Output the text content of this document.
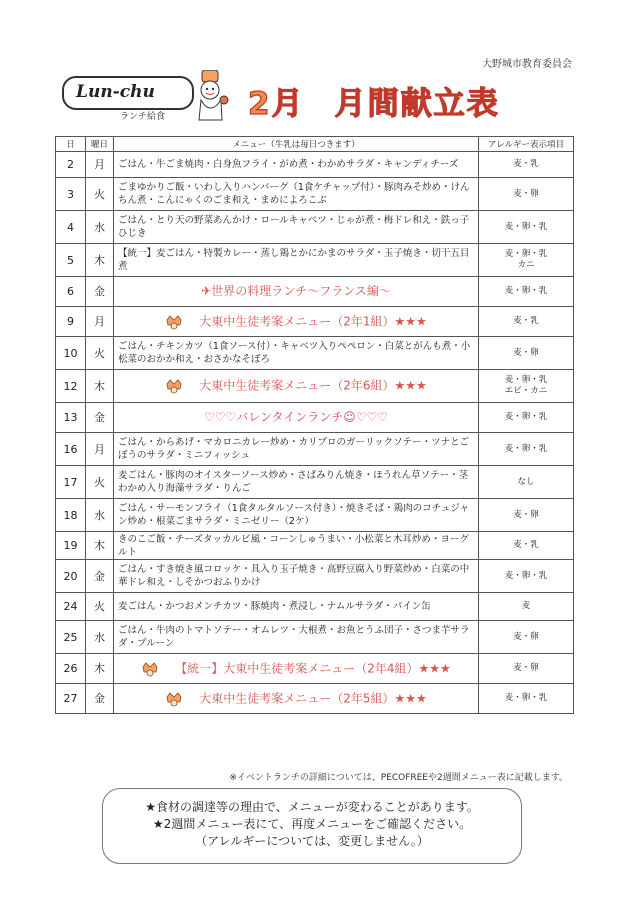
大野城市教育委員会
Lun-chu
ランチ給食	2月 月間献立表
日	曜日	メニュー（牛乳は毎日つきます）	アレルギー表示項目
2	月	ごはん・牛ごま焼肉・白身魚フライ・がめ煮・わかめサラダ・キャンディチーズ	麦・乳
3	火	ごまゆかりご飯・いわし入りハンバーグ（1食ケチャップ付）・豚肉みそ炒め・けんちん煮・こんにゃくのごま和え・まめによろこぶ	麦・卵
4	水	ごはん・とり天の野菜あんかけ・ロールキャベツ・じゃが煮・梅ドレ和え・鉄っ子ひじき	麦・卵・乳
5	木	【統一】麦ごはん・特製カレー・蒸し鶏とかにかまのサラダ・玉子焼き・切干五目煮	麦・卵・乳
カニ
6	金	✈世界の料理ランチ～フランス編～	麦・卵・乳
9	月	大東中生徒考案メニュー（2年1組）★★★	麦・乳
10	火	ごはん・チキンカツ（1食ソース付）・キャベツ入りペペロン・白菜とがんも煮・小松菜のおかか和え・おさかなそぼろ	麦・卵
12	木	大東中生徒考案メニュー（2年6組）★★★	麦・卵・乳
エビ・カニ
13	金	♡♡♡バレンタインランチ☺♡♡♡	麦・卵・乳
16	月	ごはん・からあげ・マカロニカレー炒め・カリブロのガーリックソテー・ツナとごぼうのサラダ・ミニフィッシュ	麦・卵・乳
17	火	麦ごはん・豚肉のオイスターソース炒め・さばみりん焼き・ほうれん草ソテー・茎わかめ入り海藻サラダ・りんご	なし
18	水	ごはん・サーモンフライ（1食タルタルソース付き）・焼きそば・鶏肉のコチュジャン炒め・根菜ごまサラダ・ミニゼリー（2ケ）	麦・卵
19	木	きのこご飯・チーズタッカルビ風・コーンしゅうまい・小松菜と木耳炒め・ヨーグルト	麦・乳
20	金	ごはん・すき焼き風コロッケ・具入り玉子焼き・高野豆腐入り野菜炒め・白菜の中華ドレ和え・しそかつおふりかけ	麦・卵・乳
24	火	麦ごはん・かつおメンチカツ・豚焼肉・煮浸し・ナムルサラダ・パイン缶	麦
25	水	ごはん・牛肉のトマトソテー・オムレツ・大根煮・お魚とうふ団子・さつま芋サラダ・プルーン	麦・卵
26	木	【統一】大東中生徒考案メニュー（2年4組）★★★	麦・卵
27	金	大東中生徒考案メニュー（2年5組）★★★	麦・卵・乳
※イベントランチの詳細については、PECOFREEや2週間メニュー表に記載します。
★食材の調達等の理由で、メニューが変わることがあります。
★2週間メニュー表にて、再度メニューをご確認ください。
（アレルギーについては、変更しません。）
